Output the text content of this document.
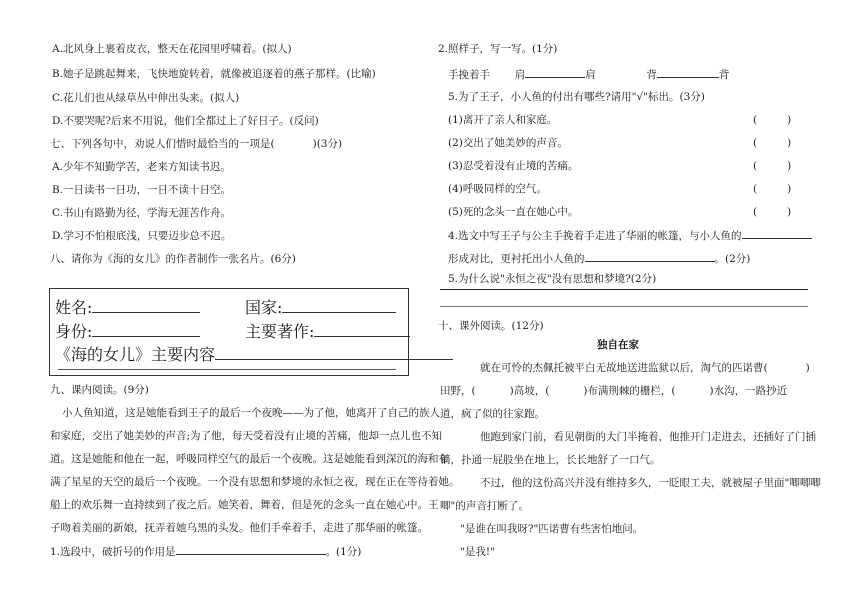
A.北风身上裹着皮衣，整天在花园里呼啸着。(拟人)
B.她子是跳起舞来，飞快地旋转着，就像被追逐着的燕子那样。(比喻)
C.花儿们也从绿草丛中伸出头来。(拟人)
D.不要哭呢?后来不用说，他们全都过上了好日子。(反问)
七、下列各句中，劝说人们惜时最恰当的一项是(	)(3分)
A.少年不知勤学苦，老来方知读书迟。
B.一日读书一日功，一日不读十日空。
C.书山有路勤为径，学海无涯苦作舟。
D.学习不怕根底浅，只要迈步总不迟。
八、请你为《海的女儿》的作者制作一张名片。(6分)
姓名:	国家:
身份:	主要著作:
《海的女儿》主要内容
九、课内阅读。(9分)
小人鱼知道，这是她能看到王子的最后一个夜晚——为了他，她离开了自己的族人
和家庭，交出了她美妙的声音;为了他，每天受着没有止境的苦痛，他却一点儿也不知
道。这是她能和他在一起，呼吸同样空气的最后一个夜晚。这是她能看到深沉的海和布
满了星星的天空的最后一个夜晚。一个没有思想和梦境的永恒之夜，现在正在等待着她。
船上的欢乐舞一直持续到了夜之后。她笑着，舞着，但是死的念头一直在她心中。王
子吻着美丽的新娘，抚弄着她乌黑的头发。他们手牵着手，走进了那华丽的帐篷。
1.选段中，破折号的作用是	。(1分)
2.照样子，写一写。(1分)
手挽着手 肩	肩	背	背
5.为了王子，小人鱼的付出有哪些?请用"√"标出。(3分)
(1)离开了亲人和家庭。	(	)
(2)交出了她美妙的声音。	(	)
(3)忍受着没有止境的苦痛。	(	)
(4)呼吸同样的空气。	(	)
(5)死的念头一直在她心中。	(	)
4.选文中写王子与公主手挽着手走进了华丽的帐篷，与小人鱼的
形成对比，更衬托出小人鱼的	。(2分)
5.为什么说"永恒之夜"没有思想和梦境?(2分)
十、课外阅读。(12分)
独自在家
就在可怜的杰佩托被平白无故地送进监狱以后，淘气的匹诺曹(	)
田野，(	)高坡，(	)布满荆棘的栅栏，(	)水沟，一路抄近
道，疯了似的往家跑。
他跑到家门前，看见朝街的大门半掩着，他推开门走进去，还插好了门插
销，扑通一屁股坐在地上，长长地舒了一口气。
不过，他的这份高兴并没有维持多久，一眨眼工夫，就被屋子里面"唧唧唧
唧"的声音打断了。
"是谁在叫我呀?"匹诺曹有些害怕地问。
"是我!"
